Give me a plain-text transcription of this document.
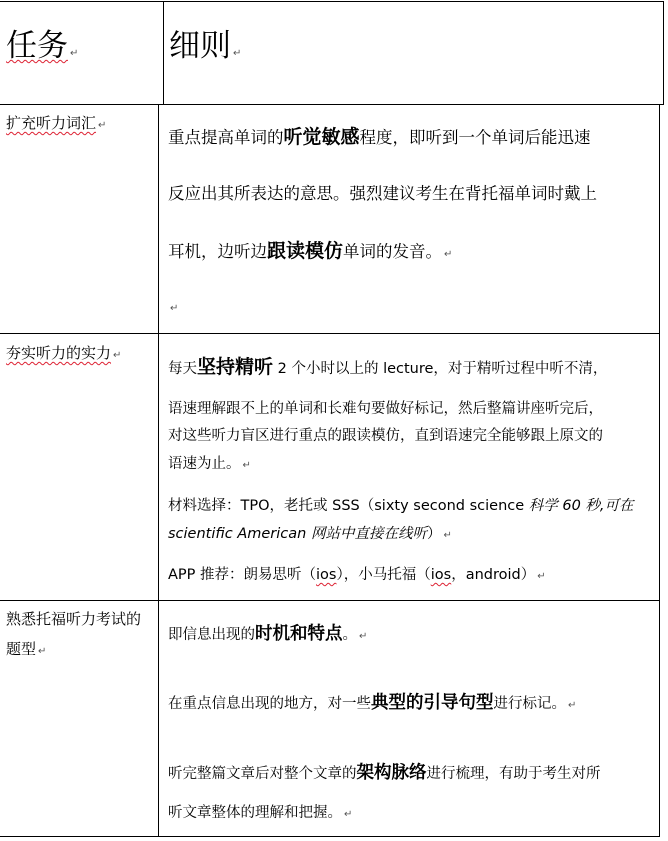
任务 ↵	细则 ↵
扩充听力词汇 ↵
重点提高单词的听觉敏感程度，即听到一个单词后能迅速
反应出其所表达的意思。强烈建议考生在背托福单词时戴上
耳机，边听边跟读模仿单词的发音。 ↵
↵
夯实听力的实力 ↵
每天坚持精听 2 个小时以上的 lecture，对于精听过程中听不清，
语速理解跟不上的单词和长难句要做好标记，然后整篇讲座听完后，
对这些听力盲区进行重点的跟读模仿，直到语速完全能够跟上原文的
语速为止。 ↵
材料选择：TPO，老托或 SSS（sixty second science 科学 60 秒,可在
scientific American 网站中直接在线听） ↵
APP 推荐：朗易思听（ios），小马托福（ios，android） ↵
熟悉托福听力考试的
题型 ↵
即信息出现的时机和特点。 ↵
在重点信息出现的地方，对一些典型的引导句型进行标记。 ↵
听完整篇文章后对整个文章的架构脉络进行梳理，有助于考生对所
听文章整体的理解和把握。 ↵
